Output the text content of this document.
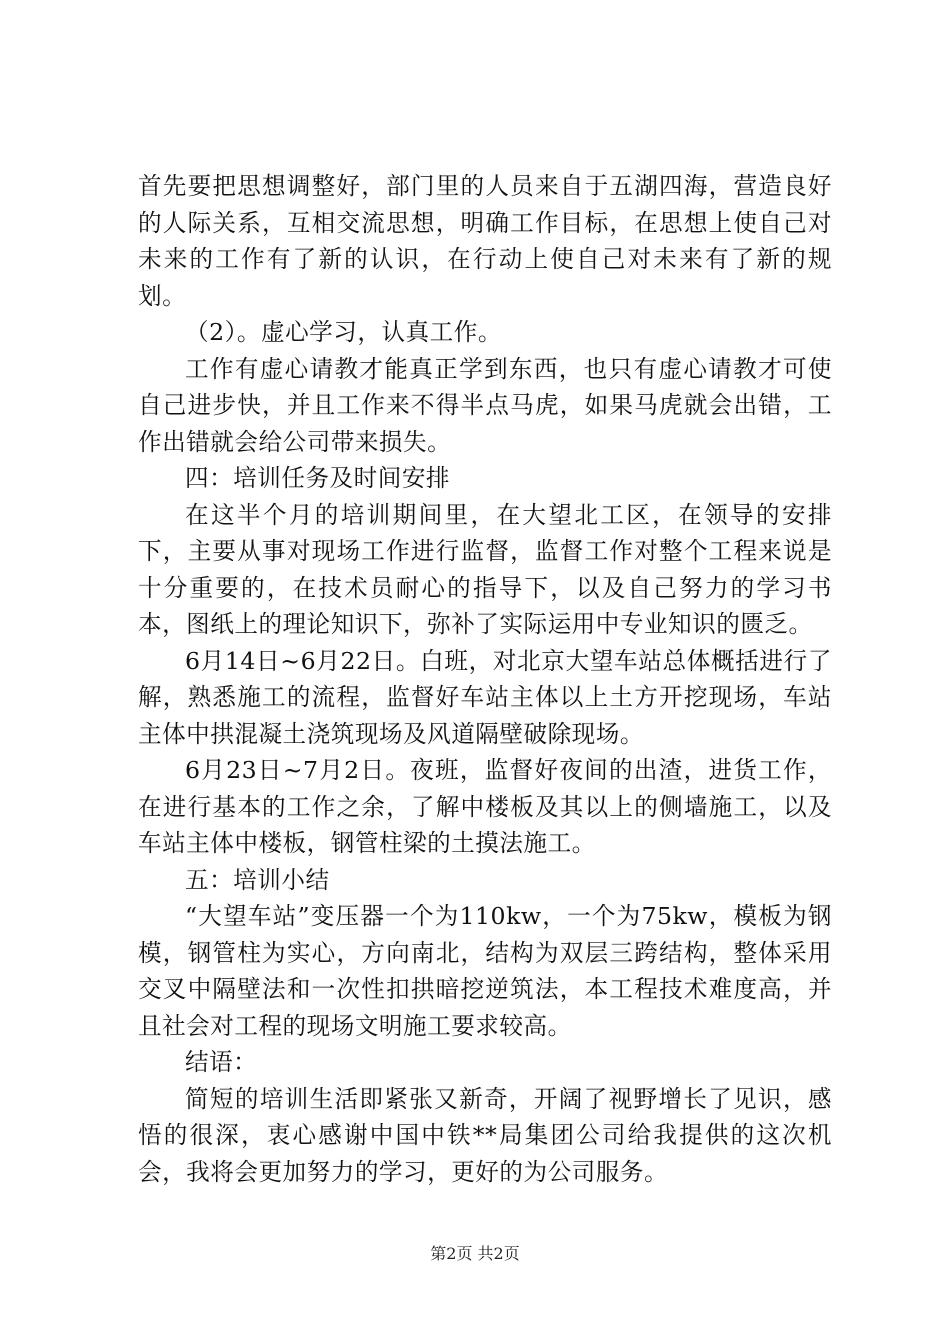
首先要把思想调整好，部门里的人员来自于五湖四海，营造良好的人际关系，互相交流思想，明确工作目标，在思想上使自己对未来的工作有了新的认识，在行动上使自己对未来有了新的规划。

（2）。虚心学习，认真工作。

工作有虚心请教才能真正学到东西，也只有虚心请教才可使自己进步快，并且工作来不得半点马虎，如果马虎就会出错，工作出错就会给公司带来损失。

四：培训任务及时间安排

在这半个月的培训期间里，在大望北工区，在领导的安排下，主要从事对现场工作进行监督，监督工作对整个工程来说是十分重要的，在技术员耐心的指导下，以及自己努力的学习书本，图纸上的理论知识下，弥补了实际运用中专业知识的匮乏。

6月14日~6月22日。白班，对北京大望车站总体概括进行了解，熟悉施工的流程，监督好车站主体以上土方开挖现场，车站主体中拱混凝土浇筑现场及风道隔壁破除现场。

6月23日~7月2日。夜班，监督好夜间的出渣，进货工作，在进行基本的工作之余，了解中楼板及其以上的侧墙施工，以及车站主体中楼板，钢管柱梁的土摸法施工。

五：培训小结

“大望车站”变压器一个为110kw，一个为75kw，模板为钢模，钢管柱为实心，方向南北，结构为双层三跨结构，整体采用交叉中隔壁法和一次性扣拱暗挖逆筑法，本工程技术难度高，并且社会对工程的现场文明施工要求较高。

结语：

简短的培训生活即紧张又新奇，开阔了视野增长了见识，感悟的很深，衷心感谢中国中铁**局集团公司给我提供的这次机会，我将会更加努力的学习，更好的为公司服务。

第2页 共2页
